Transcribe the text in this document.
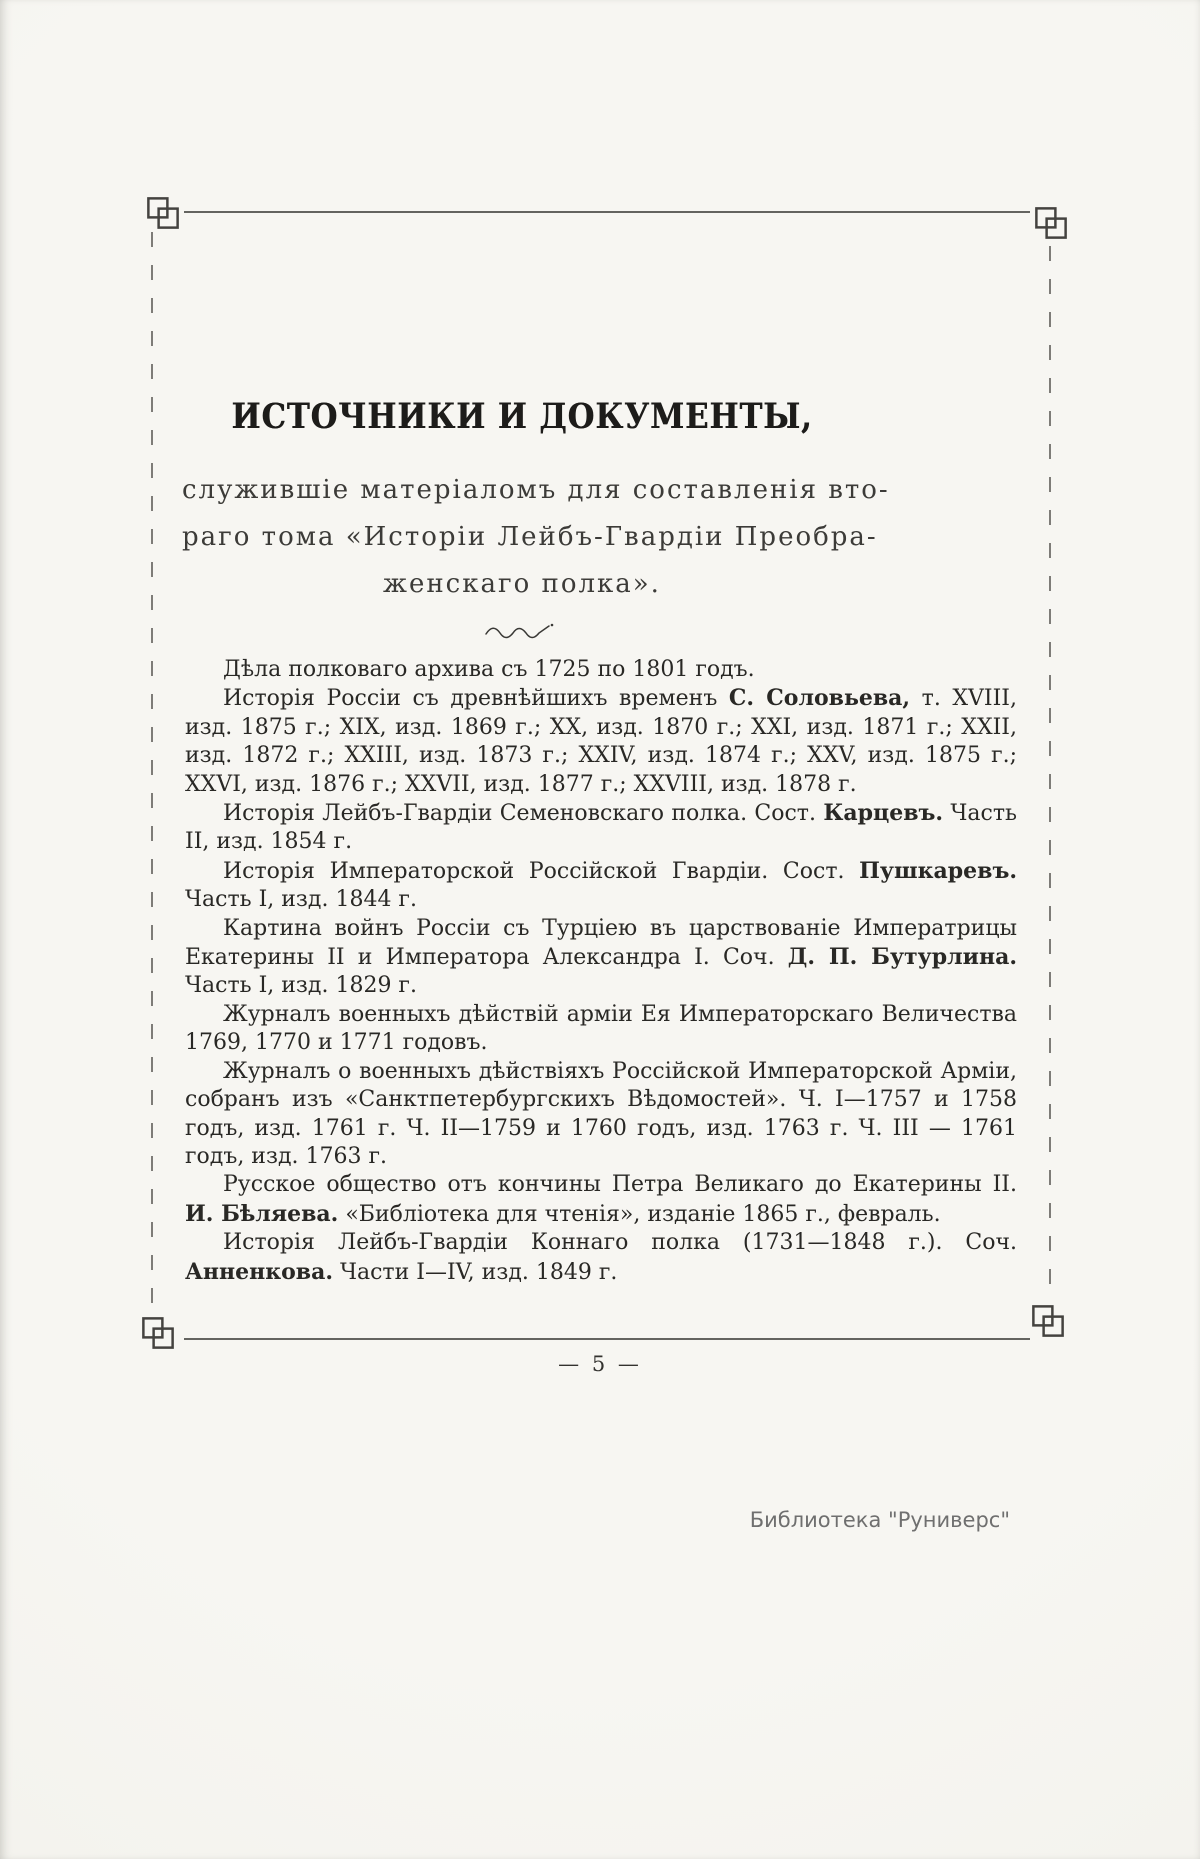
ИСТОЧНИКИ И ДОКУМЕНТЫ,
служившіе матеріаломъ для составленія вто-
раго тома «Исторіи Лейбъ-Гвардіи Преобра-
женскаго полка».

Дѣла полковаго архива съ 1725 по 1801 годъ.

Исторія Россіи съ древнѣйшихъ временъ С. Соловьева, т. XVIII, изд. 1875 г.; XIX, изд. 1869 г.; XX, изд. 1870 г.; XXI, изд. 1871 г.; XXII, изд. 1872 г.; XXIII, изд. 1873 г.; XXIV, изд. 1874 г.; XXV, изд. 1875 г.; XXVI, изд. 1876 г.; XXVII, изд. 1877 г.; XXVIII, изд. 1878 г.

Исторія Лейбъ-Гвардіи Семеновскаго полка. Сост. Карцевъ. Часть II, изд. 1854 г.

Исторія Императорской Россійской Гвардіи. Сост. Пушкаревъ. Часть I, изд. 1844 г.

Картина войнъ Россіи съ Турціею въ царствованіе Императрицы Екатерины II и Императора Александра I. Соч. Д. П. Бутурлина. Часть I, изд. 1829 г.

Журналъ военныхъ дѣйствій арміи Ея Императорскаго Величества 1769, 1770 и 1771 годовъ.

Журналъ о военныхъ дѣйствіяхъ Россійской Императорской Арміи, собранъ изъ «Санктпетербургскихъ Вѣдомостей». Ч. I—1757 и 1758 годъ, изд. 1761 г. Ч. II—1759 и 1760 годъ, изд. 1763 г. Ч. III — 1761 годъ, изд. 1763 г.

Русское общество отъ кончины Петра Великаго до Екатерины II. И. Бѣляева. «Библіотека для чтенія», изданіе 1865 г., февраль.

Исторія Лейбъ-Гвардіи Коннаго полка (1731—1848 г.). Соч. Анненкова. Части I—IV, изд. 1849 г.

— 5 —
Библиотека "Руниверс"
